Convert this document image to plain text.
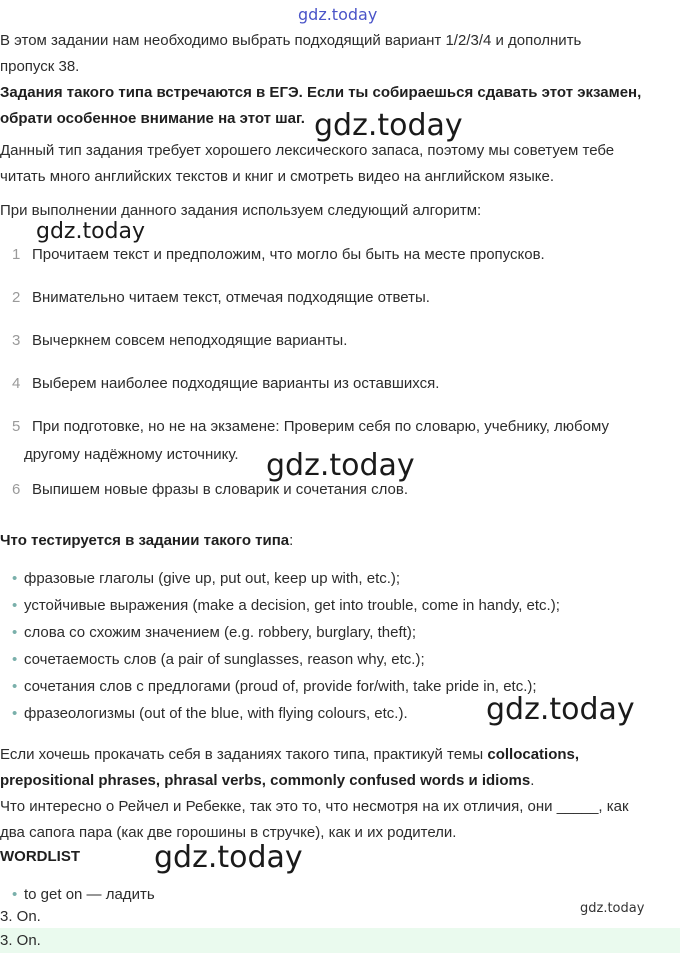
gdz.today
gdz.today
gdz.today
gdz.today
gdz.today
gdz.today
gdz.today

В этом задании нам необходимо выбрать подходящий вариант 1/2/3/4 и дополнить

пропуск 38.

Задания такого типа встречаются в ЕГЭ. Если ты собираешься сдавать этот экзамен,

обрати особенное внимание на этот шаг.

Данный тип задания требует хорошего лексического запаса, поэтому мы советуем тебе

читать много английских текстов и книг и смотреть видео на английском языке.

При выполнении данного задания используем следующий алгоритм:

1 Прочитаем текст и предположим, что могло бы быть на месте пропусков.
2 Внимательно читаем текст, отмечая подходящие ответы.
3 Вычеркнем совсем неподходящие варианты.
4 Выберем наиболее подходящие варианты из оставшихся.
5 При подготовке, но не на экзамене: Проверим себя по словарю, учебнику, любому
другому надёжному источнику.
6 Выпишем новые фразы в словарик и сочетания слов.
Что тестируется в задании такого типа:
• фразовые глаголы (give up, put out, keep up with, etc.);
• устойчивые выражения (make a decision, get into trouble, come in handy, etc.);
• слова со схожим значением (e.g. robbery, burglary, theft);
• сочетаемость слов (a pair of sunglasses, reason why, etc.);
• сочетания слов с предлогами (proud of, provide for/with, take pride in, etc.);
• фразеологизмы (out of the blue, with flying colours, etc.).

Если хочешь прокачать себя в заданиях такого типа, практикуй темы collocations,

prepositional phrases, phrasal verbs, commonly confused words и idioms.

Что интересно о Рейчел и Ребекке, так это то, что несмотря на их отличия, они _____, как

два сапога пара (как две горошины в стручке), как и их родители.

WORDLIST
• to get on — ладить
3. On.
3. On.
